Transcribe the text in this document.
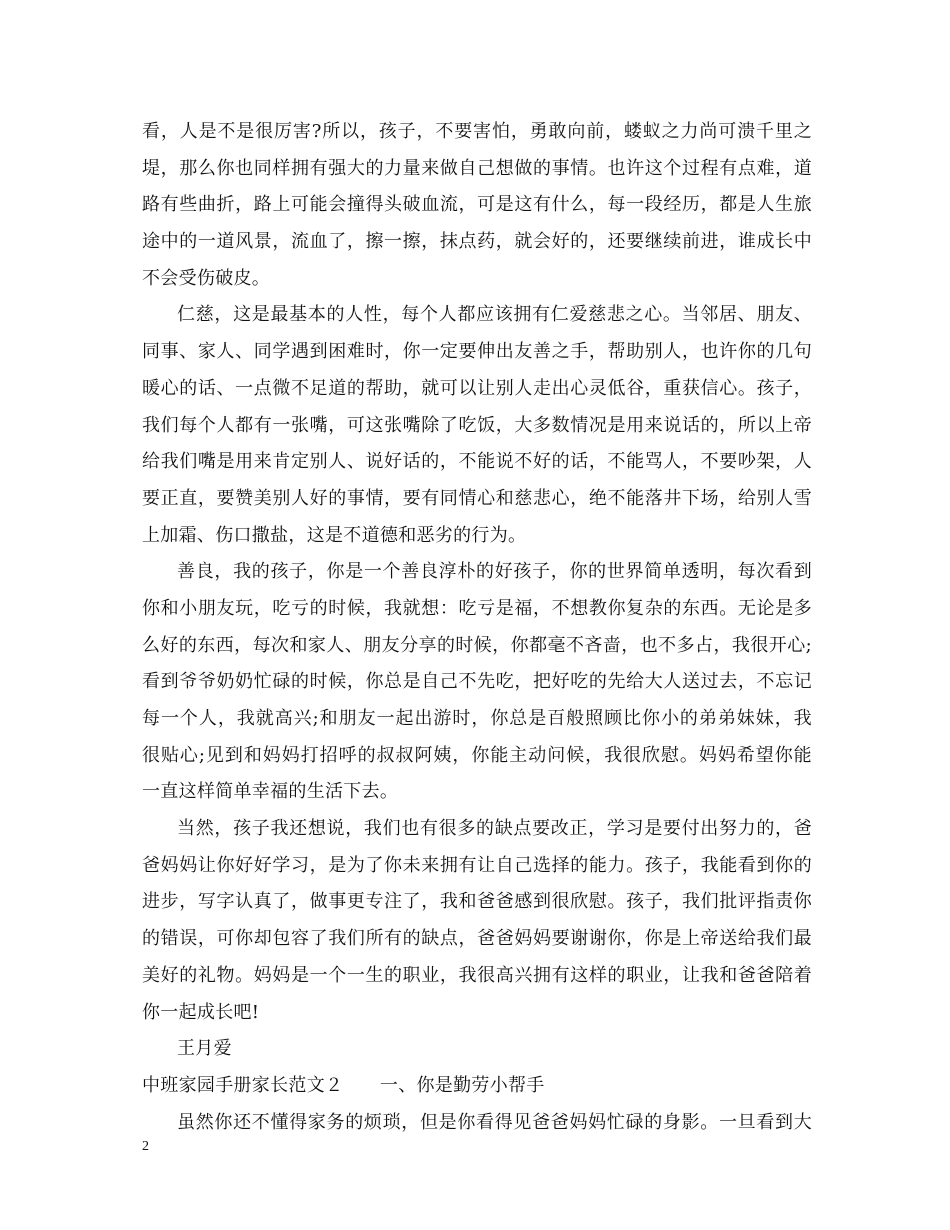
看，人是不是很厉害?所以，孩子，不要害怕，勇敢向前，蝼蚁之力尚可溃千里之
堤，那么你也同样拥有强大的力量来做自己想做的事情。也许这个过程有点难，道
路有些曲折，路上可能会撞得头破血流，可是这有什么，每一段经历，都是人生旅
途中的一道风景，流血了，擦一擦，抹点药，就会好的，还要继续前进，谁成长中
不会受伤破皮。
仁慈，这是最基本的人性，每个人都应该拥有仁爱慈悲之心。当邻居、朋友、
同事、家人、同学遇到困难时，你一定要伸出友善之手，帮助别人，也许你的几句
暖心的话、一点微不足道的帮助，就可以让别人走出心灵低谷，重获信心。孩子，
我们每个人都有一张嘴，可这张嘴除了吃饭，大多数情况是用来说话的，所以上帝
给我们嘴是用来肯定别人、说好话的，不能说不好的话，不能骂人，不要吵架，人
要正直，要赞美别人好的事情，要有同情心和慈悲心，绝不能落井下场，给别人雪
上加霜、伤口撒盐，这是不道德和恶劣的行为。
善良，我的孩子，你是一个善良淳朴的好孩子，你的世界简单透明，每次看到
你和小朋友玩，吃亏的时候，我就想：吃亏是福，不想教你复杂的东西。无论是多
么好的东西，每次和家人、朋友分享的时候，你都毫不吝啬，也不多占，我很开心;
看到爷爷奶奶忙碌的时候，你总是自己不先吃，把好吃的先给大人送过去，不忘记
每一个人，我就高兴;和朋友一起出游时，你总是百般照顾比你小的弟弟妹妹，我
很贴心;见到和妈妈打招呼的叔叔阿姨，你能主动问候，我很欣慰。妈妈希望你能
一直这样简单幸福的生活下去。
当然，孩子我还想说，我们也有很多的缺点要改正，学习是要付出努力的，爸
爸妈妈让你好好学习，是为了你未来拥有让自己选择的能力。孩子，我能看到你的
进步，写字认真了，做事更专注了，我和爸爸感到很欣慰。孩子，我们批评指责你
的错误，可你却包容了我们所有的缺点，爸爸妈妈要谢谢你，你是上帝送给我们最
美好的礼物。妈妈是一个一生的职业，我很高兴拥有这样的职业，让我和爸爸陪着
你一起成长吧!
王月爱
中班家园手册家长范文２　　一、你是勤劳小帮手
虽然你还不懂得家务的烦琐，但是你看得见爸爸妈妈忙碌的身影。一旦看到大
2
